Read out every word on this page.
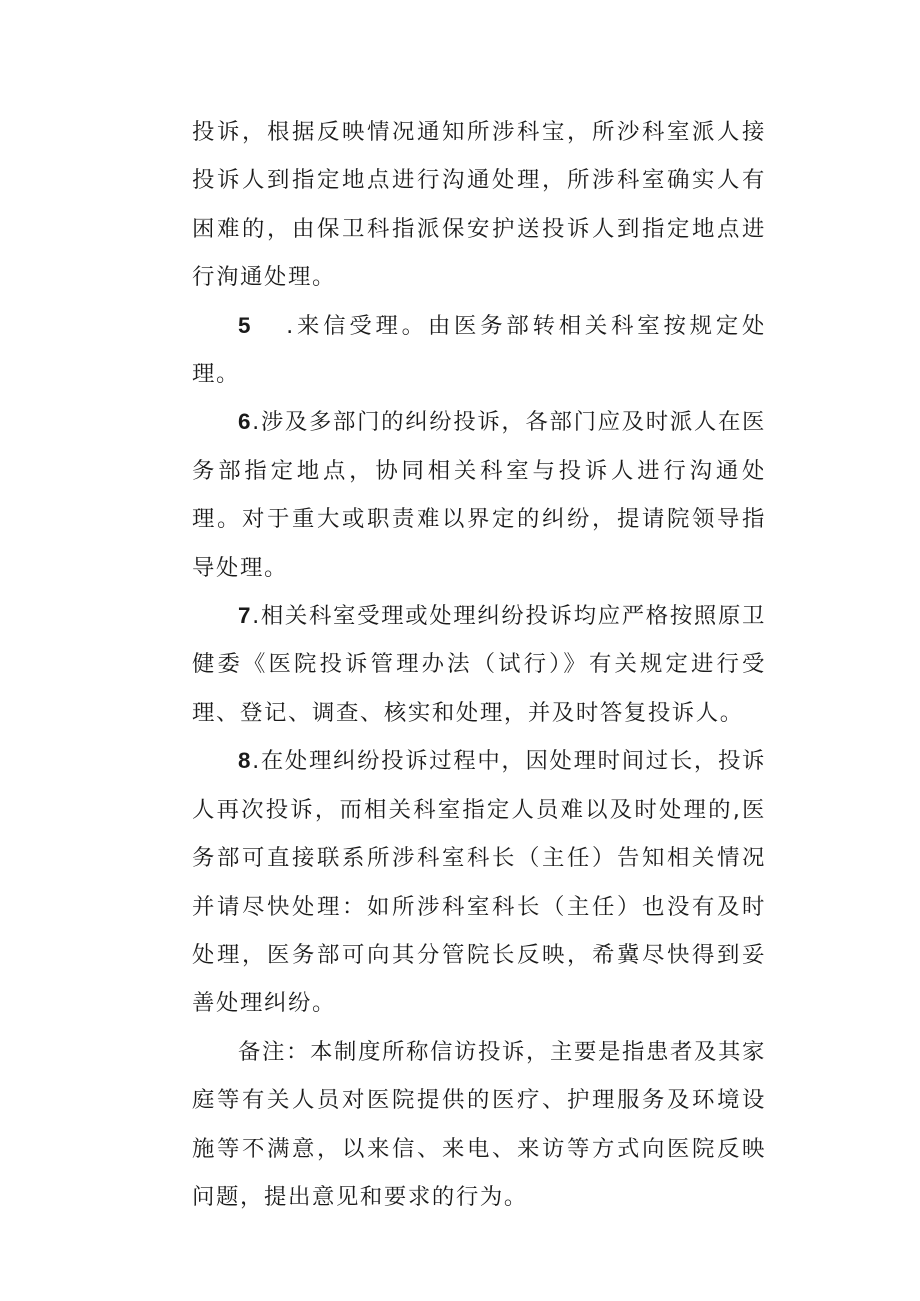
投诉，根据反映情况通知所涉科宝，所沙科室派人接投诉人到指定地点进行沟通处理，所涉科室确实人有困难的，由保卫科指派保安护送投诉人到指定地点进行洵通处理。

5 .来信受理。由医务部转相关科室按规定处理。

6.涉及多部门的纠纷投诉，各部门应及时派人在医务部指定地点，协同相关科室与投诉人进行沟通处理。对于重大或职责难以界定的纠纷，提请院领导指导处理。

7.相关科室受理或处理纠纷投诉均应严格按照原卫健委《医院投诉管理办法（试行）》有关规定进行受理、登记、调查、核实和处理，并及时答复投诉人。

8.在处理纠纷投诉过程中，因处理时间过长，投诉人再次投诉，而相关科室指定人员难以及时处理的,医务部可直接联系所涉科室科长（主任）告知相关情况并请尽快处理：如所涉科室科长（主任）也没有及时处理，医务部可向其分管院长反映，希冀尽快得到妥善处理纠纷。

备注：本制度所称信访投诉，主要是指患者及其家庭等有关人员对医院提供的医疗、护理服务及环境设施等不满意，以来信、来电、来访等方式向医院反映问题，提出意见和要求的行为。
